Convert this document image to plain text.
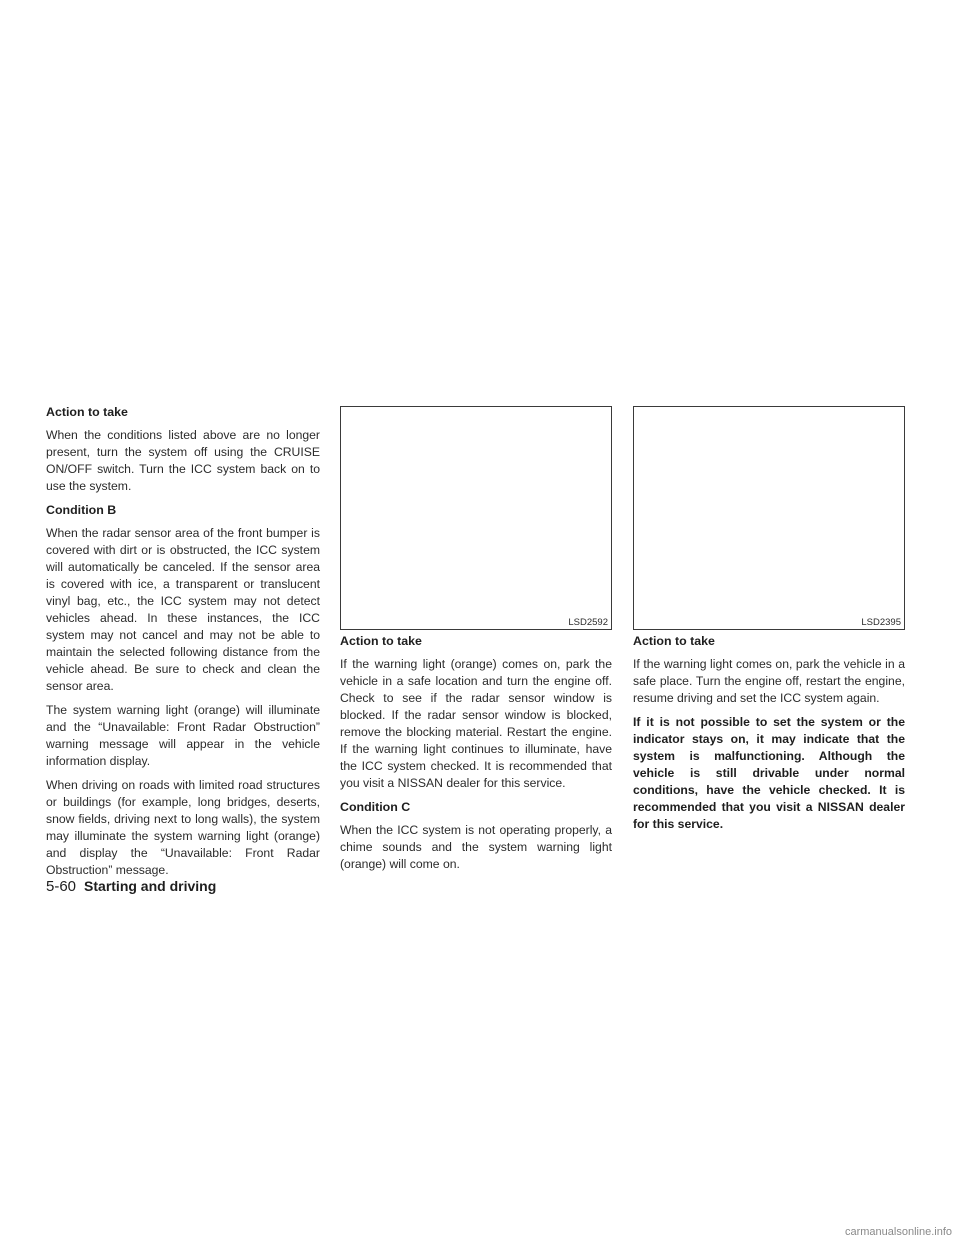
Action to take

When the conditions listed above are no longer present, turn the system off using the CRUISE ON/OFF switch. Turn the ICC system back on to use the system.

Condition B

When the radar sensor area of the front bumper is covered with dirt or is obstructed, the ICC system will automatically be canceled. If the sensor area is covered with ice, a transparent or translucent vinyl bag, etc., the ICC system may not detect vehicles ahead. In these instances, the ICC system may not cancel and may not be able to maintain the selected following distance from the vehicle ahead. Be sure to check and clean the sensor area.

The system warning light (orange) will illuminate and the “Unavailable: Front Radar Obstruction” warning message will appear in the vehicle information display.

When driving on roads with limited road structures or buildings (for example, long bridges, deserts, snow fields, driving next to long walls), the system may illuminate the system warning light (orange) and display the “Unavailable: Front Radar Obstruction” message.

LSD2592	LSD2395
Action to take

If the warning light (orange) comes on, park the vehicle in a safe location and turn the engine off. Check to see if the radar sensor window is blocked. If the radar sensor window is blocked, remove the blocking material. Restart the engine. If the warning light continues to illuminate, have the ICC system checked. It is recommended that you visit a NISSAN dealer for this service.

Condition C

When the ICC system is not operating properly, a chime sounds and the system warning light (orange) will come on.

Action to take

If the warning light comes on, park the vehicle in a safe place. Turn the engine off, restart the engine, resume driving and set the ICC system again.

If it is not possible to set the system or the indicator stays on, it may indicate that the system is malfunctioning. Although the vehicle is still drivable under normal conditions, have the vehicle checked. It is recommended that you visit a NISSAN dealer for this service.

5-60 Starting and driving
carmanualsonline.info
